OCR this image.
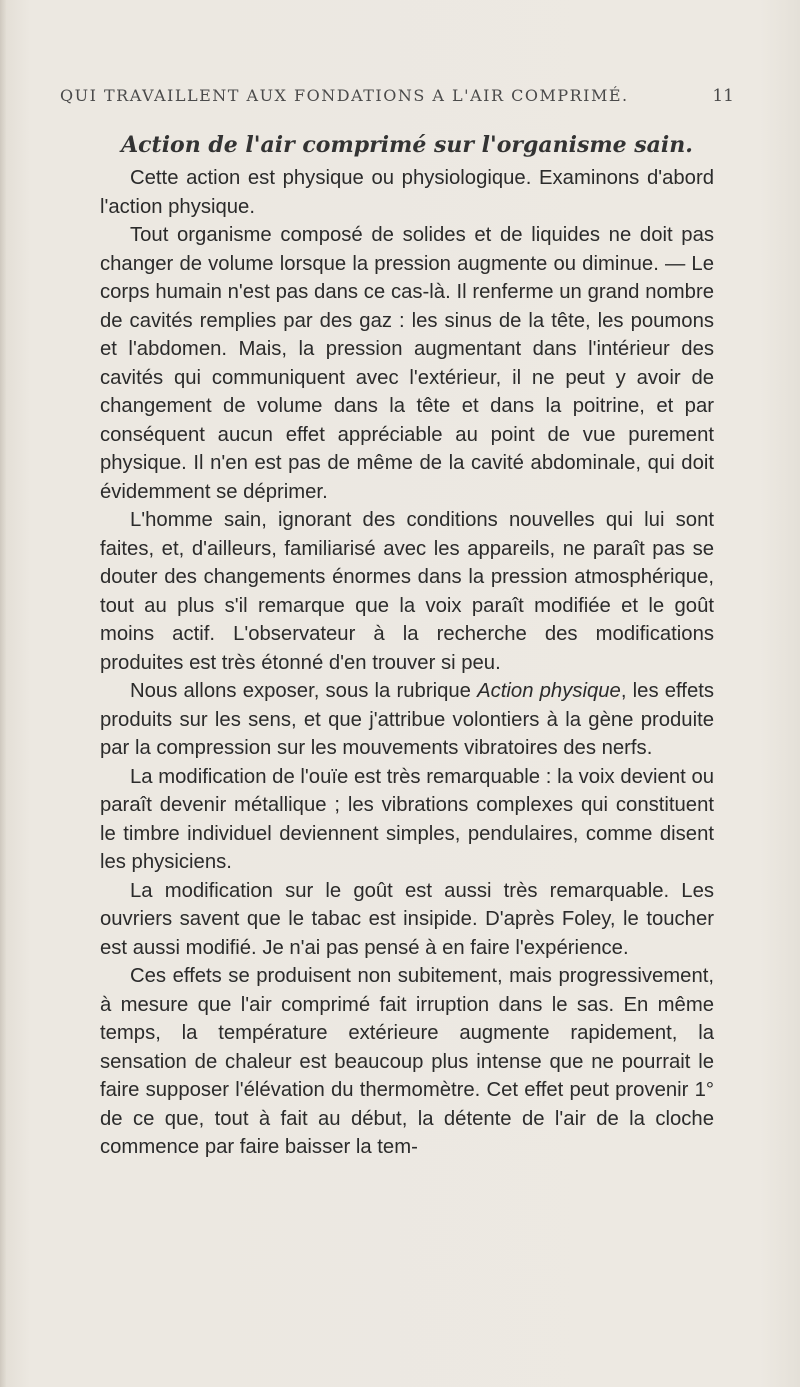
QUI TRAVAILLENT AUX FONDATIONS A L'AIR COMPRIMÉ.	11
Action de l'air comprimé sur l'organisme sain.

Cette action est physique ou physiologique. Examinons d'abord l'action physique.

Tout organisme composé de solides et de liquides ne doit pas changer de volume lorsque la pression augmente ou diminue. — Le corps humain n'est pas dans ce cas-là. Il renferme un grand nombre de cavités remplies par des gaz : les sinus de la tête, les poumons et l'abdomen. Mais, la pression augmentant dans l'intérieur des cavités qui communiquent avec l'extérieur, il ne peut y avoir de changement de volume dans la tête et dans la poitrine, et par conséquent aucun effet appréciable au point de vue purement physique. Il n'en est pas de même de la cavité abdominale, qui doit évidemment se déprimer.

L'homme sain, ignorant des conditions nouvelles qui lui sont faites, et, d'ailleurs, familiarisé avec les appareils, ne paraît pas se douter des changements énormes dans la pression atmosphérique, tout au plus s'il remarque que la voix paraît modifiée et le goût moins actif. L'observateur à la recherche des modifications produites est très étonné d'en trouver si peu.

Nous allons exposer, sous la rubrique Action physique, les effets produits sur les sens, et que j'attribue volontiers à la gène produite par la compression sur les mouvements vibratoires des nerfs.

La modification de l'ouïe est très remarquable : la voix devient ou paraît devenir métallique ; les vibrations complexes qui constituent le timbre individuel deviennent simples, pendulaires, comme disent les physiciens.

La modification sur le goût est aussi très remarquable. Les ouvriers savent que le tabac est insipide. D'après Foley, le toucher est aussi modifié. Je n'ai pas pensé à en faire l'expérience.

Ces effets se produisent non subitement, mais progressivement, à mesure que l'air comprimé fait irruption dans le sas. En même temps, la température extérieure augmente rapidement, la sensation de chaleur est beaucoup plus intense que ne pourrait le faire supposer l'élévation du thermomètre. Cet effet peut provenir 1° de ce que, tout à fait au début, la détente de l'air de la cloche commence par faire baisser la tem-
